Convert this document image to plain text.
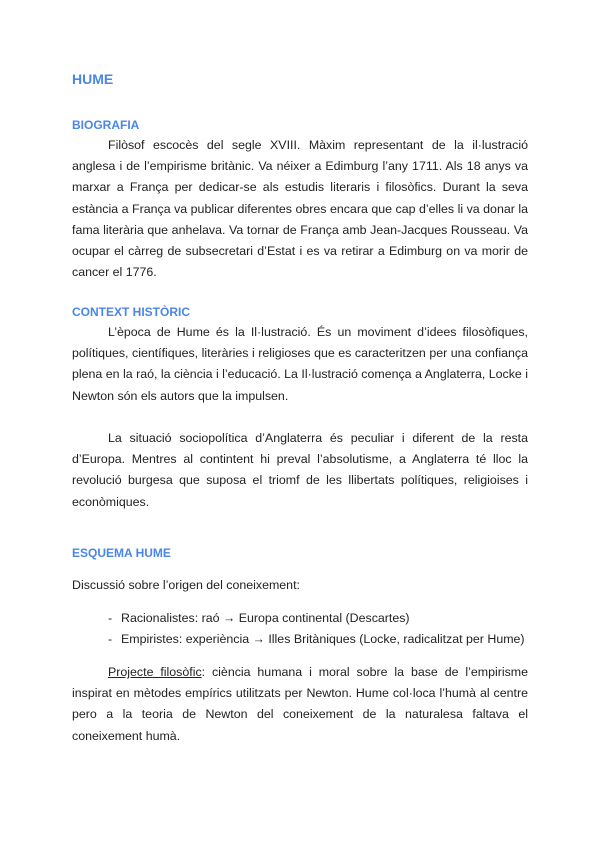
HUME
BIOGRAFIA

Filòsof escocès del segle XVIII. Màxim representant de la il·lustració anglesa i de l’empirisme britànic. Va néixer a Edimburg l’any 1711. Als 18 anys va marxar a França per dedicar-se als estudis literaris i filosòfics. Durant la seva estància a França va publicar diferentes obres encara que cap d’elles li va donar la fama literària que anhelava. Va tornar de França amb Jean-Jacques Rousseau. Va ocupar el càrreg de subsecretari d’Estat i es va retirar a Edimburg on va morir de cancer el 1776.

CONTEXT HISTÒRIC

L’època de Hume és la Il·lustració. És un moviment d’idees filosòfiques, polítiques, científiques, literàries i religioses que es caracteritzen per una confiança plena en la raó, la ciència i l’educació. La Il·lustració comença a Anglaterra, Locke i Newton són els autors que la impulsen.

La situació sociopolítica d’Anglaterra és peculiar i diferent de la resta d’Europa. Mentres al contintent hi preval l’absolutisme, a Anglaterra té lloc la revolució burgesa que suposa el triomf de les llibertats polítiques, religioises i econòmiques.

ESQUEMA HUME

Discussió sobre l’origen del coneixement:

- Racionalistes: raó → Europa continental (Descartes)
- Empiristes: experiència → Illes Britàniques (Locke, radicalitzat per Hume)

Projecte filosòfic: ciència humana i moral sobre la base de l’empirisme inspirat en mètodes empírics utilitzats per Newton. Hume col·loca l’humà al centre pero a la teoria de Newton del coneixement de la naturalesa faltava el coneixement humà.
